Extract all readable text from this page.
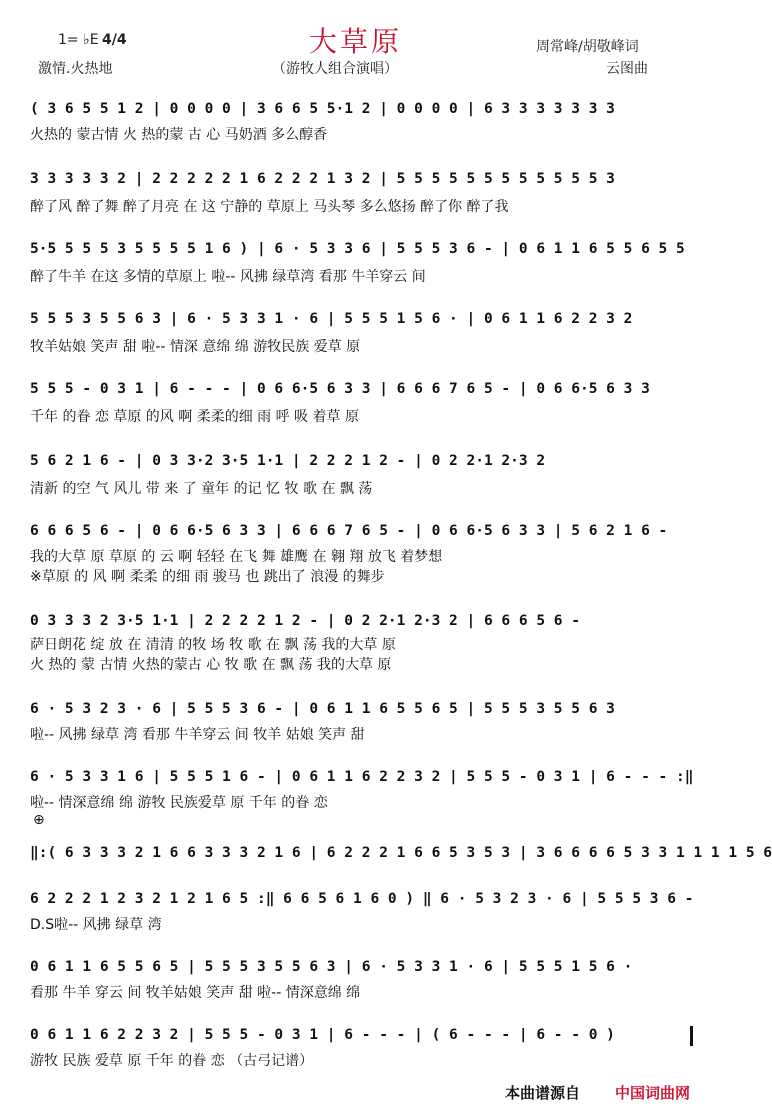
1= ♭E 4/4
激情.火热地
大草原
（游牧人组合演唱）
周常峰/胡敬峰词
云图曲
( 3 6 5 5 1 2 | 0 0 0 0 | 3 6 6 5 5·1 2 | 0 0 0 0 | 6 3 3 3 3 3 3 3
火热的 蒙古情 火 热的蒙 古 心 马奶酒 多么醇香
3 3 3 3 3 2 | 2 2 2 2 2 1 6 2 2 2 1 3 2 | 5 5 5 5 5 5 5 5 5 5 5 5 3
醉了风 醉了舞 醉了月亮 在 这 宁静的 草原上 马头琴 多么悠扬 醉了你 醉了我
5·5 5 5 5 3 5 5 5 5 1 6 ) | 6 · 5 3 3 6 | 5 5 5 3 6 - | 0 6 1 1 6 5 5 6 5 5
醉了牛羊 在这 多情的草原上 啦-- 风拂 绿草湾 看那 牛羊穿云 间
5 5 5 3 5 5 6 3 | 6 · 5 3 3 1 · 6 | 5 5 5 1 5 6 · | 0 6 1 1 6 2 2 3 2
牧羊姑娘 笑声 甜 啦-- 情深 意绵 绵 游牧民族 爱草 原
5 5 5 - 0 3 1 | 6 - - - | 0 6 6·5 6 3 3 | 6 6 6 7 6 5 - | 0 6 6·5 6 3 3
千年 的眷 恋 草原 的风 啊 柔柔的细 雨 呼 吸 着草 原
5 6 2 1 6 - | 0 3 3·2 3·5 1·1 | 2 2 2 1 2 - | 0 2 2·1 2·3 2
清新 的空 气 风儿 带 来 了 童年 的记 忆 牧 歌 在 飘 荡
6 6 6 5 6 - | 0 6 6·5 6 3 3 | 6 6 6 7 6 5 - | 0 6 6·5 6 3 3 | 5 6 2 1 6 -
我的大草 原 草原 的 云 啊 轻轻 在飞 舞 雄鹰 在 翱 翔 放飞 着梦想
※草原 的 风 啊 柔柔 的细 雨 骏马 也 跳出了 浪漫 的舞步
0 3 3 3 2 3·5 1·1 | 2 2 2 2 1 2 - | 0 2 2·1 2·3 2 | 6 6 6 5 6 -
萨日朗花 绽 放 在 清清 的牧 场 牧 歌 在 飘 荡 我的大草 原
火 热的 蒙 古情 火热的蒙古 心 牧 歌 在 飘 荡 我的大草 原
6 · 5 3 2 3 · 6 | 5 5 5 3 6 - | 0 6 1 1 6 5 5 6 5 | 5 5 5 3 5 5 6 3
啦-- 风拂 绿草 湾 看那 牛羊穿云 间 牧羊 姑娘 笑声 甜
6 · 5 3 3 1 6 | 5 5 5 1 6 - | 0 6 1 1 6 2 2 3 2 | 5 5 5 - 0 3 1 | 6 - - - :‖
啦-- 情深意绵 绵 游牧 民族爱草 原 千年 的眷 恋
⊕
‖:( 6 3 3 3 2 1 6 6 3 3 3 2 1 6 | 6 2 2 2 1 6 6 5 3 5 3 | 3 6 6 6 6 5 3 3 1 1 1 1 5 6
6 2 2 2 1 2 3 2 1 2 1 6 5 :‖ 6 6 5 6 1 6 0 ) ‖ 6 · 5 3 2 3 · 6 | 5 5 5 3 6 -
D.S啦-- 风拂 绿草 湾
0 6 1 1 6 5 5 6 5 | 5 5 5 3 5 5 6 3 | 6 · 5 3 3 1 · 6 | 5 5 5 1 5 6 ·
看那 牛羊 穿云 间 牧羊姑娘 笑声 甜 啦-- 情深意绵 绵
0 6 1 1 6 2 2 3 2 | 5 5 5 - 0 3 1 | 6 - - - | ( 6 - - - | 6 - - 0 )
游牧 民族 爱草 原 千年 的眷 恋 （古弓记谱）
本曲谱源自 中国词曲网
